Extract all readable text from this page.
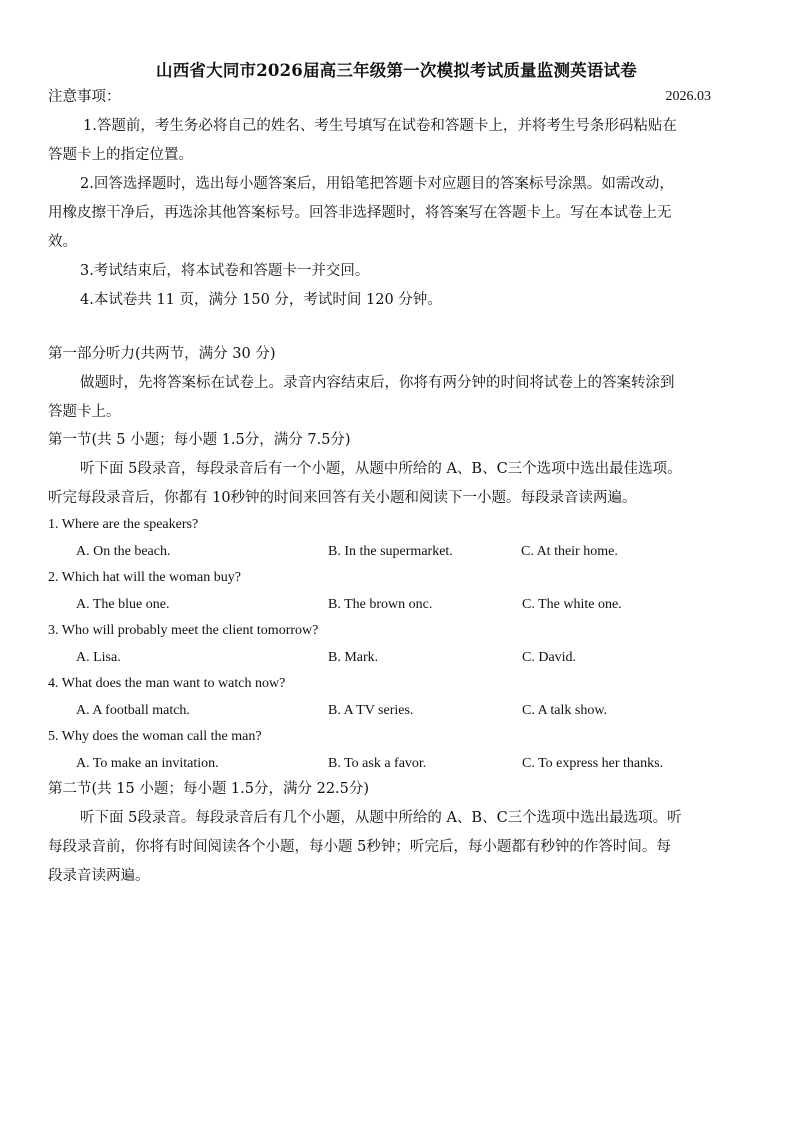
山西省大同市2026届高三年级第一次模拟考试质量监测英语试卷
注意事项：	2026.03
1.答题前，考生务必将自己的姓名、考生号填写在试卷和答题卡上，并将考生号条形码粘贴在
答题卡上的指定位置。
2.回答选择题时，选出每小题答案后，用铅笔把答题卡对应题目的答案标号涂黑。如需改动，
用橡皮擦干净后，再选涂其他答案标号。回答非选择题时，将答案写在答题卡上。写在本试卷上无
效。
3.考试结束后，将本试卷和答题卡一并交回。
4.本试卷共 11 页，满分 150 分，考试时间 120 分钟。
第一部分听力(共两节，满分 30 分)
做题时，先将答案标在试卷上。录音内容结束后，你将有两分钟的时间将试卷上的答案转涂到
答题卡上。
第一节(共 5 小题；每小题 1.5分，满分 7.5分)
听下面 5段录音，每段录音后有一个小题，从题中所给的 A、B、C三个选项中选出最佳选项。
听完每段录音后，你都有 10秒钟的时间来回答有关小题和阅读下一小题。每段录音读两遍。
1. Where are the speakers?
A. On the beach.	B. In the supermarket.	C. At their home.
2. Which hat will the woman buy?
A. The blue one.	B. The brown onc.	C. The white one.
3. Who will probably meet the client tomorrow?
A. Lisa.	B. Mark.	C. David.
4. What does the man want to watch now?
A. A football match.	B. A TV series.	C. A talk show.
5. Why does the woman call the man?
A. To make an invitation.	B. To ask a favor.	C. To express her thanks.
第二节(共 15 小题；每小题 1.5分，满分 22.5分)
听下面 5段录音。每段录音后有几个小题，从题中所给的 A、B、C三个选项中选出最选项。听
每段录音前，你将有时间阅读各个小题，每小题 5秒钟；听完后，每小题都有秒钟的作答时间。每
段录音读两遍。
